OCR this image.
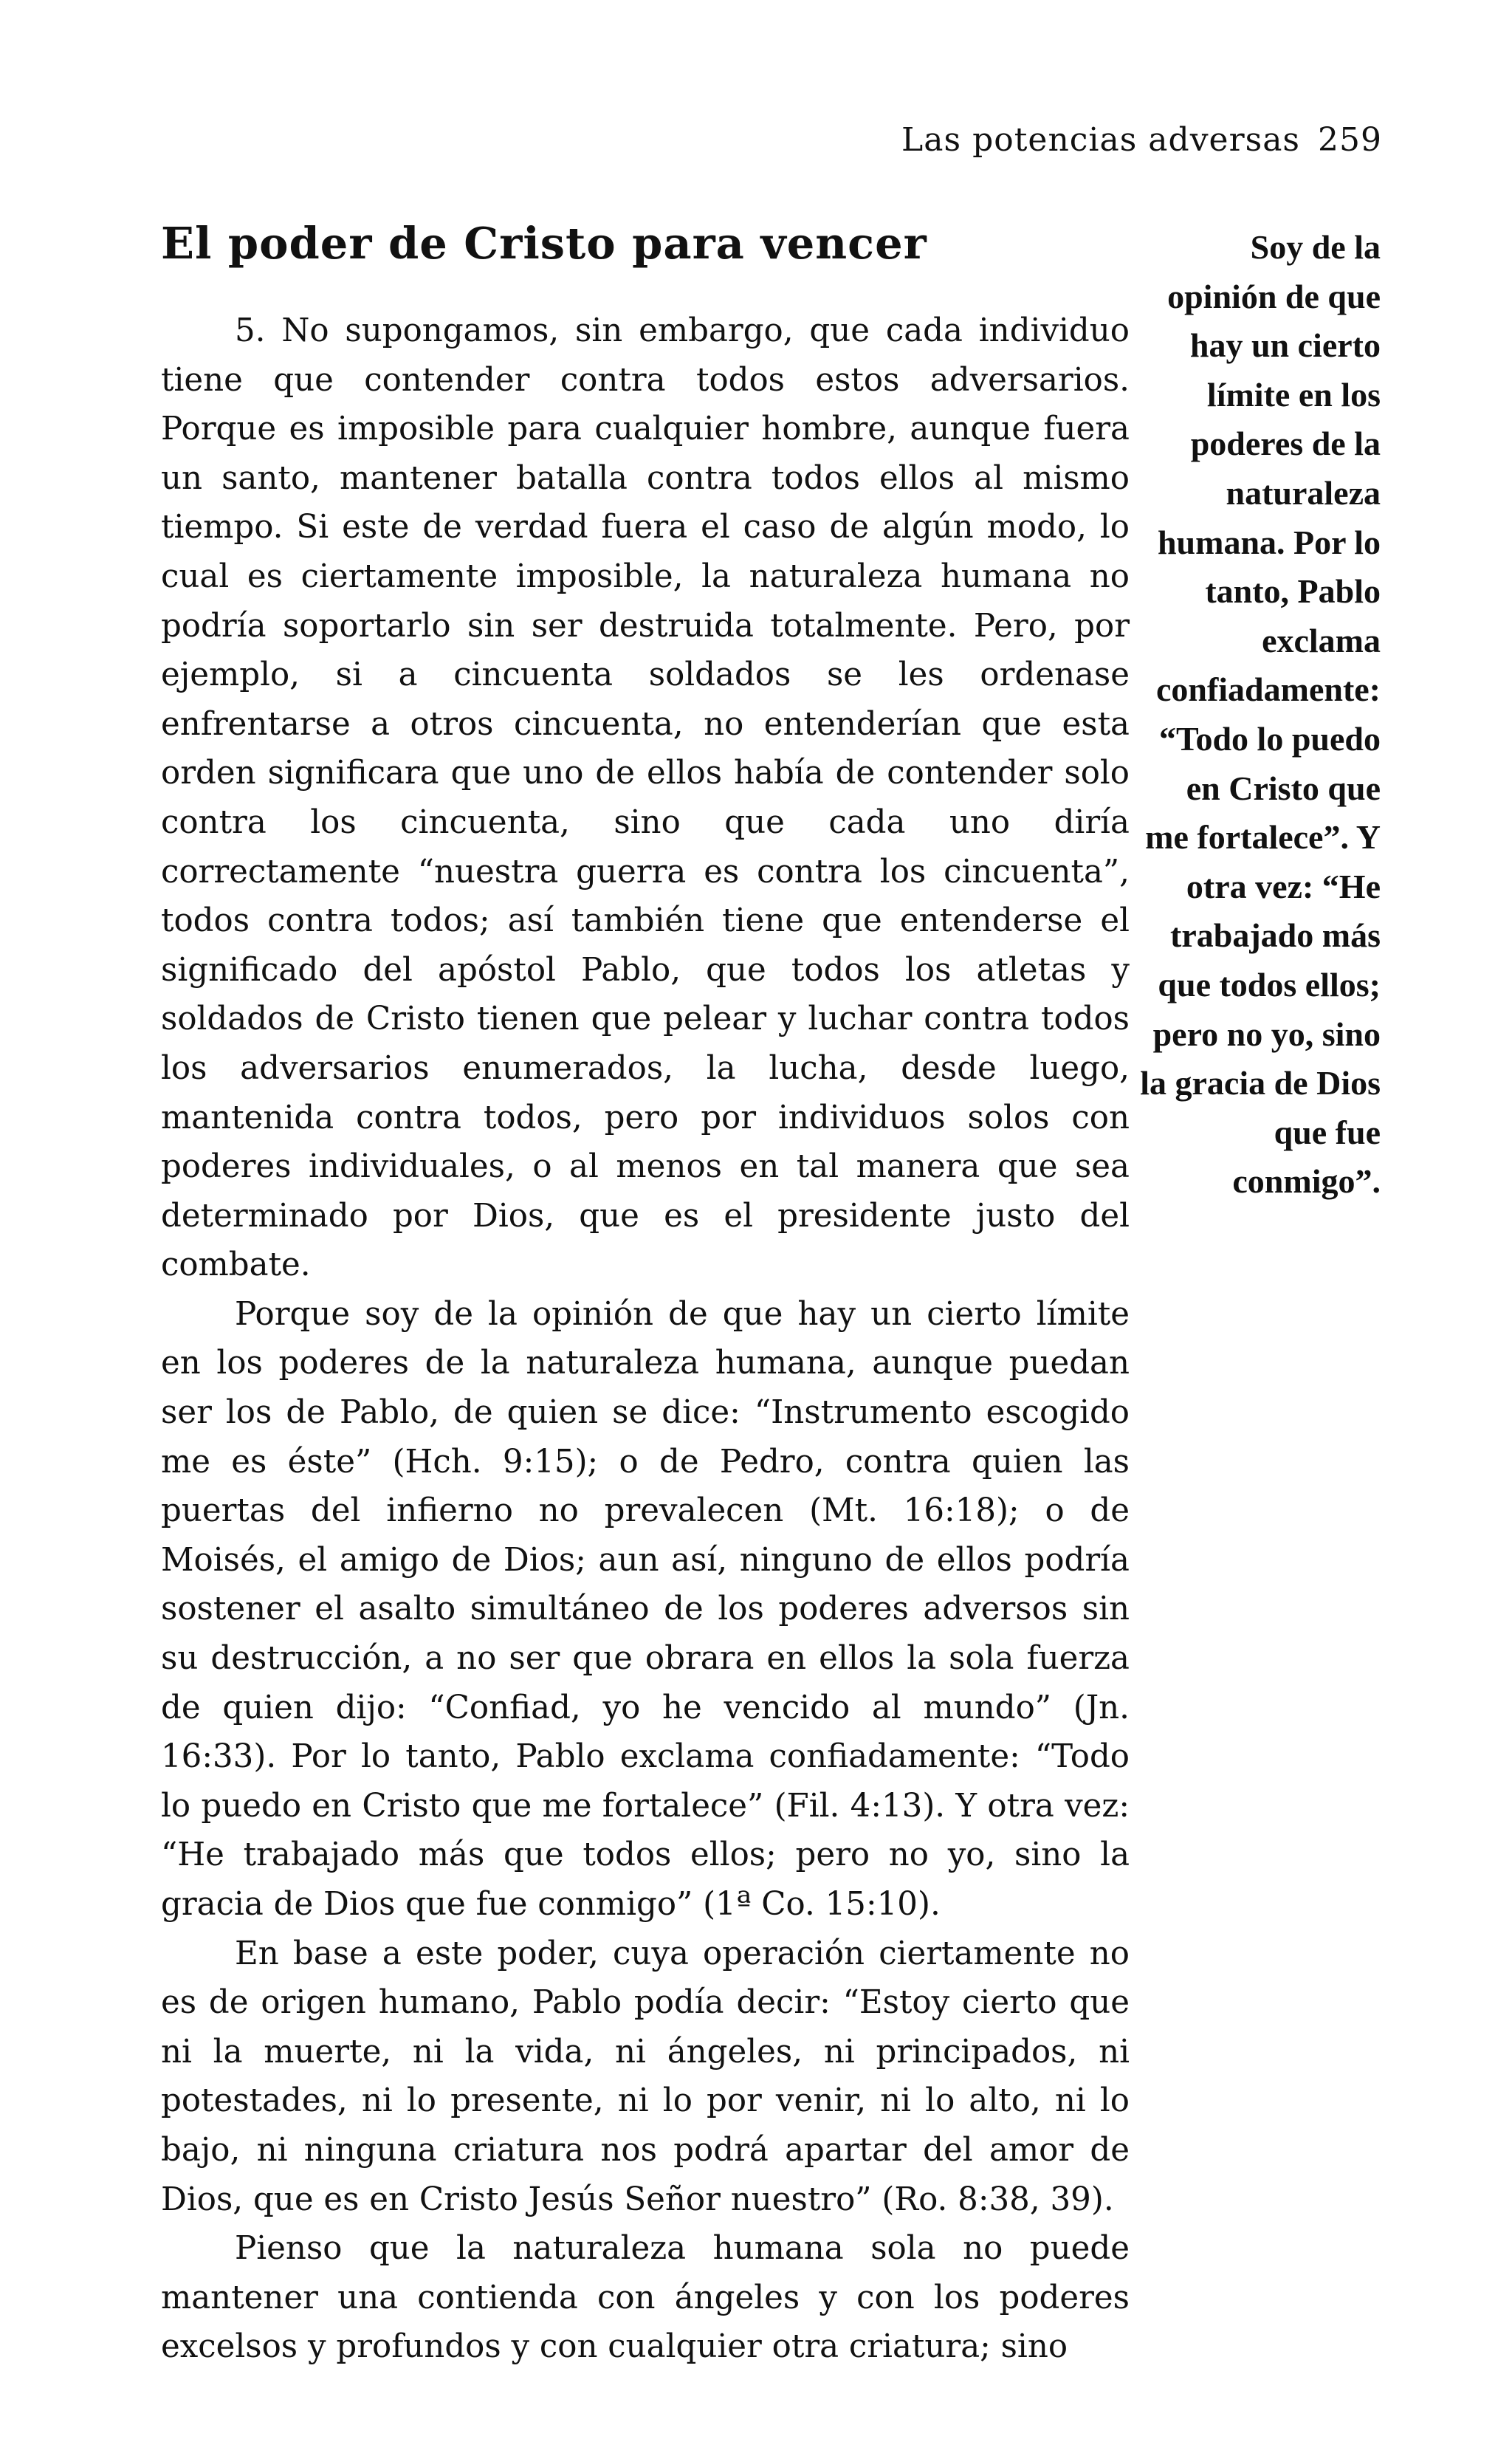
Las potencias adversas 259
El poder de Cristo para vencer

5. No supongamos, sin embargo, que cada individuo tiene que contender contra todos estos adversarios. Porque es imposible para cualquier hombre, aunque fuera un santo, mantener batalla contra todos ellos al mismo tiempo. Si este de verdad fuera el caso de algún modo, lo cual es ciertamente imposible, la naturaleza humana no podría soportarlo sin ser destruida totalmente. Pero, por ejemplo, si a cincuenta soldados se les ordenase enfrentarse a otros cincuenta, no entenderían que esta orden significara que uno de ellos había de contender solo contra los cincuenta, sino que cada uno diría correctamente “nuestra guerra es contra los cincuenta”, todos contra todos; así también tiene que entenderse el significado del apóstol Pablo, que todos los atletas y soldados de Cristo tienen que pelear y luchar contra todos los adversarios enumerados, la lucha, desde luego, mantenida contra todos, pero por individuos solos con poderes individuales, o al menos en tal manera que sea determinado por Dios, que es el presidente justo del combate.

Porque soy de la opinión de que hay un cierto límite en los poderes de la naturaleza humana, aunque puedan ser los de Pablo, de quien se dice: “Instrumento escogido me es éste” (Hch. 9:15); o de Pedro, contra quien las puertas del infierno no prevalecen (Mt. 16:18); o de Moisés, el amigo de Dios; aun así, ninguno de ellos podría sostener el asalto simultáneo de los poderes adversos sin su destrucción, a no ser que obrara en ellos la sola fuerza de quien dijo: “Confiad, yo he vencido al mundo” (Jn. 16:33). Por lo tanto, Pablo exclama confiadamente: “Todo lo puedo en Cristo que me fortalece” (Fil. 4:13). Y otra vez: “He trabajado más que todos ellos; pero no yo, sino la gracia de Dios que fue conmigo” (1ª Co. 15:10).

En base a este poder, cuya operación ciertamente no es de origen humano, Pablo podía decir: “Estoy cierto que ni la muerte, ni la vida, ni ángeles, ni principados, ni potestades, ni lo presente, ni lo por venir, ni lo alto, ni lo bajo, ni ninguna criatura nos podrá apartar del amor de Dios, que es en Cristo Jesús Señor nuestro” (Ro. 8:38, 39).

Pienso que la naturaleza humana sola no puede mantener una contienda con ángeles y con los poderes excelsos y profundos y con cualquier otra criatura; sino

Soy de la opinión de que hay un cierto límite en los poderes de la naturaleza humana. Por lo tanto, Pablo exclama confiadamente: “Todo lo puedo en Cristo que me fortalece”. Y otra vez: “He trabajado más que todos ellos; pero no yo, sino la gracia de Dios que fue conmigo”.
